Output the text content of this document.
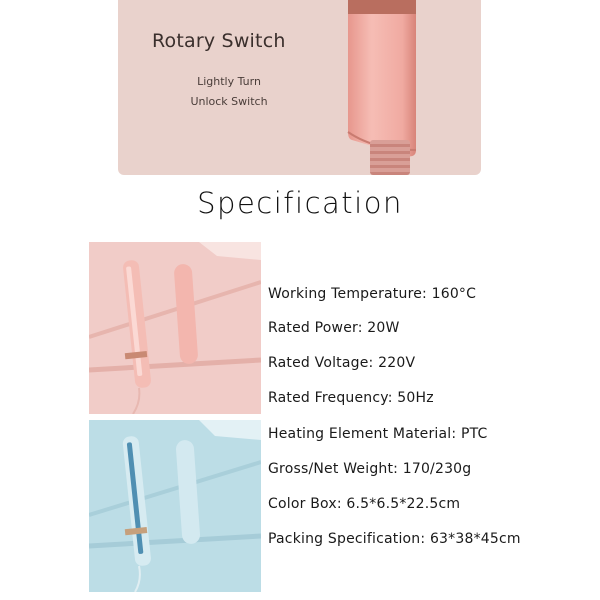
Rotary Switch
Lightly Turn
Unlock Switch
Specification
Working Temperature: 160°C
Rated Power: 20W
Rated Voltage: 220V
Rated Frequency: 50Hz
Heating Element Material: PTC
Gross/Net Weight: 170/230g
Color Box: 6.5*6.5*22.5cm
Packing Specification: 63*38*45cm
